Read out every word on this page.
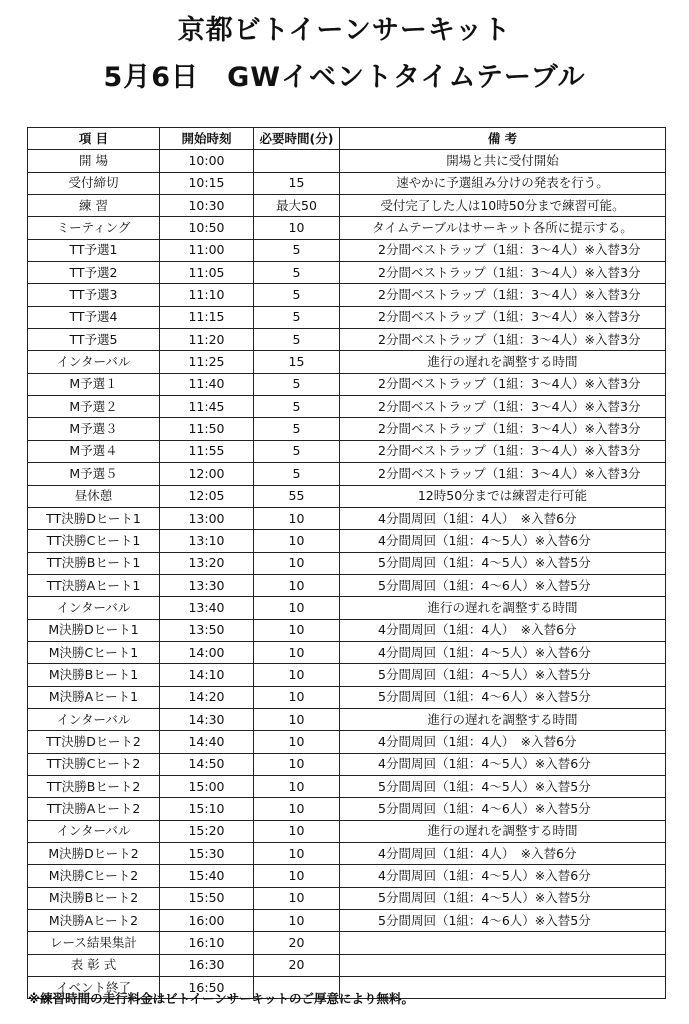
京都ビトイーンサーキット
5月6日 GWイベントタイムテーブル
項 目	開始時刻	必要時間(分)	備 考
開 場	10:00		開場と共に受付開始
受付締切	10:15	15	速やかに予選組み分けの発表を行う。
練 習	10:30	最大50	受付完了した人は10時50分まで練習可能。
ミーティング	10:50	10	タイムテーブルはサーキット各所に提示する。
TT予選1	11:00	5	2分間ベストラップ（1組：3～4人）※入替3分
TT予選2	11:05	5	2分間ベストラップ（1組：3～4人）※入替3分
TT予選3	11:10	5	2分間ベストラップ（1組：3～4人）※入替3分
TT予選4	11:15	5	2分間ベストラップ（1組：3～4人）※入替3分
TT予選5	11:20	5	2分間ベストラップ（1組：3～4人）※入替3分
インターバル	11:25	15	進行の遅れを調整する時間
M予選１	11:40	5	2分間ベストラップ（1組：3～4人）※入替3分
M予選２	11:45	5	2分間ベストラップ（1組：3～4人）※入替3分
M予選３	11:50	5	2分間ベストラップ（1組：3～4人）※入替3分
M予選４	11:55	5	2分間ベストラップ（1組：3～4人）※入替3分
M予選５	12:00	5	2分間ベストラップ（1組：3～4人）※入替3分
昼休憩	12:05	55	12時50分までは練習走行可能
TT決勝Dヒート1	13:00	10	4分間周回（1組：4人）　※入替6分
TT決勝Cヒート1	13:10	10	4分間周回（1組：4～5人）※入替6分
TT決勝Bヒート1	13:20	10	5分間周回（1組：4～5人）※入替5分
TT決勝Aヒート1	13:30	10	5分間周回（1組：4～6人）※入替5分
インターバル	13:40	10	進行の遅れを調整する時間
M決勝Dヒート1	13:50	10	4分間周回（1組：4人）　※入替6分
M決勝Cヒート1	14:00	10	4分間周回（1組：4～5人）※入替6分
M決勝Bヒート1	14:10	10	5分間周回（1組：4～5人）※入替5分
M決勝Aヒート1	14:20	10	5分間周回（1組：4～6人）※入替5分
インターバル	14:30	10	進行の遅れを調整する時間
TT決勝Dヒート2	14:40	10	4分間周回（1組：4人）　※入替6分
TT決勝Cヒート2	14:50	10	4分間周回（1組：4～5人）※入替6分
TT決勝Bヒート2	15:00	10	5分間周回（1組：4～5人）※入替5分
TT決勝Aヒート2	15:10	10	5分間周回（1組：4～6人）※入替5分
インターバル	15:20	10	進行の遅れを調整する時間
M決勝Dヒート2	15:30	10	4分間周回（1組：4人）　※入替6分
M決勝Cヒート2	15:40	10	4分間周回（1組：4～5人）※入替6分
M決勝Bヒート2	15:50	10	5分間周回（1組：4～5人）※入替5分
M決勝Aヒート2	16:00	10	5分間周回（1組：4～6人）※入替5分
レース結果集計	16:10	20	
表 彰 式	16:30	20	
イベント終了	16:50		
※練習時間の走行料金はビトイーンサーキットのご厚意により無料。
